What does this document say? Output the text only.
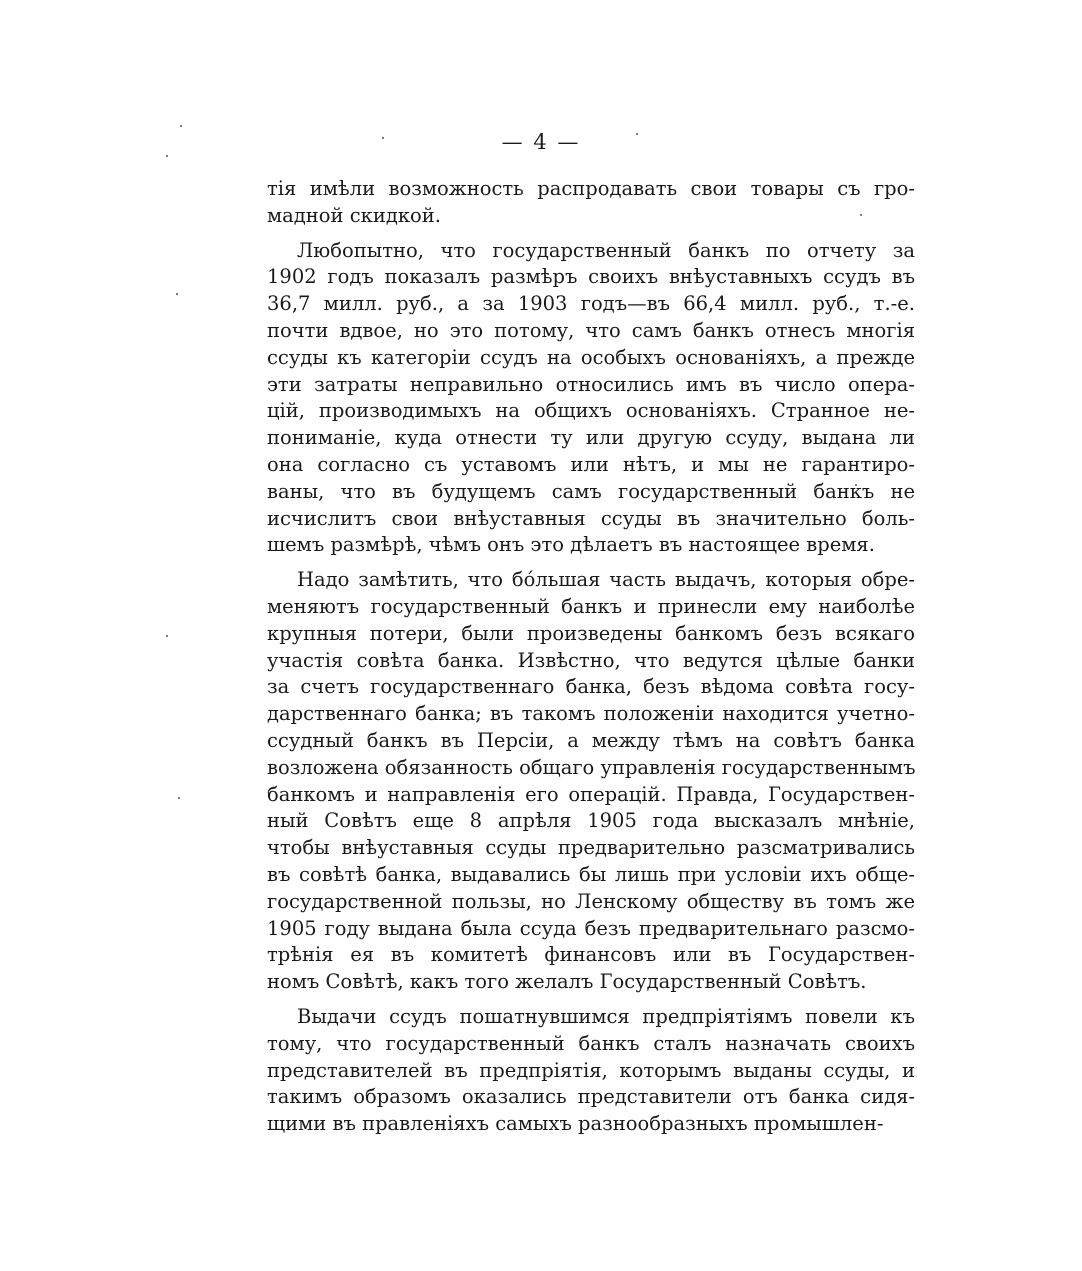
— 4 —
тія имѣли возможность распродавать свои товары съ гро-
мадной скидкой.
Любопытно, что государственный банкъ по отчету за
1902 годъ показалъ размѣръ своихъ внѣуставныхъ ссудъ въ
36,7 милл. руб., а за 1903 годъ—въ 66,4 милл. руб., т.-е.
почти вдвое, но это потому, что самъ банкъ отнесъ многія
ссуды къ категоріи ссудъ на особыхъ основаніяхъ, а прежде
эти затраты неправильно относились имъ въ число опера-
цій, производимыхъ на общихъ основаніяхъ. Странное не-
пониманіе, куда отнести ту или другую ссуду, выдана ли
она согласно съ уставомъ или нѣтъ, и мы не гарантиро-
ваны, что въ будущемъ самъ государственный банкъ не
исчислитъ свои внѣуставныя ссуды въ значительно боль-
шемъ размѣрѣ, чѣмъ онъ это дѣлаетъ въ настоящее время.
Надо замѣтить, что бо́льшая часть выдачъ, которыя обре-
меняютъ государственный банкъ и принесли ему наиболѣе
крупныя потери, были произведены банкомъ безъ всякаго
участія совѣта банка. Извѣстно, что ведутся цѣлые банки
за счетъ государственнаго банка, безъ вѣдома совѣта госу-
дарственнаго банка; въ такомъ положеніи находится учетно-
ссудный банкъ въ Персіи, а между тѣмъ на совѣтъ банка
возложена обязанность общаго управленія государственнымъ
банкомъ и направленія его операцій. Правда, Государствен-
ный Совѣтъ еще 8 апрѣля 1905 года высказалъ мнѣніе,
чтобы внѣуставныя ссуды предварительно разсматривались
въ совѣтѣ банка, выдавались бы лишь при условіи ихъ обще-
государственной пользы, но Ленскому обществу въ томъ же
1905 году выдана была ссуда безъ предварительнаго разсмо-
трѣнія ея въ комитетѣ финансовъ или въ Государствен-
номъ Совѣтѣ, какъ того желалъ Государственный Совѣтъ.
Выдачи ссудъ пошатнувшимся предпріятіямъ повели къ
тому, что государственный банкъ сталъ назначать своихъ
представителей въ предпріятія, которымъ выданы ссуды, и
такимъ образомъ оказались представители отъ банка сидя-
щими въ правленіяхъ самыхъ разнообразныхъ промышлен-
